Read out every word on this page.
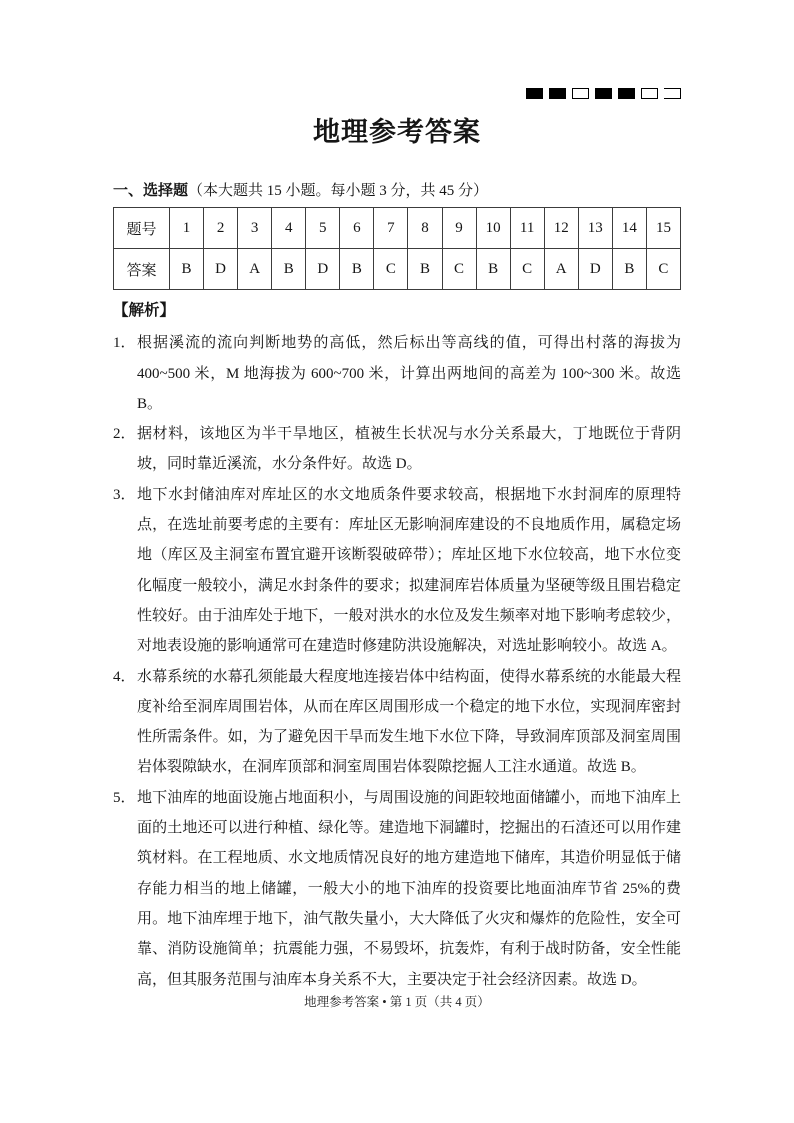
地理参考答案
一、选择题（本大题共 15 小题。每小题 3 分，共 45 分）
题号	1	2	3	4	5	6	7	8	9	10	11	12	13	14	15
答案	B	D	A	B	D	B	C	B	C	B	C	A	D	B	C
【解析】
1． 根据溪流的流向判断地势的高低，然后标出等高线的值，可得出村落的海拔为 400~500 米，M 地海拔为 600~700 米，计算出两地间的高差为 100~300 米。故选 B。
2． 据材料，该地区为半干旱地区，植被生长状况与水分关系最大，丁地既位于背阴坡，同时靠近溪流，水分条件好。故选 D。
3． 地下水封储油库对库址区的水文地质条件要求较高，根据地下水封洞库的原理特点，在选址前要考虑的主要有：库址区无影响洞库建设的不良地质作用，属稳定场地（库区及主洞室布置宜避开该断裂破碎带）；库址区地下水位较高，地下水位变化幅度一般较小，满足水封条件的要求；拟建洞库岩体质量为坚硬等级且围岩稳定性较好。由于油库处于地下，一般对洪水的水位及发生频率对地下影响考虑较少，对地表设施的影响通常可在建造时修建防洪设施解决，对选址影响较小。故选 A。
4． 水幕系统的水幕孔须能最大程度地连接岩体中结构面，使得水幕系统的水能最大程度补给至洞库周围岩体，从而在库区周围形成一个稳定的地下水位，实现洞库密封性所需条件。如，为了避免因干旱而发生地下水位下降，导致洞库顶部及洞室周围岩体裂隙缺水，在洞库顶部和洞室周围岩体裂隙挖掘人工注水通道。故选 B。
5． 地下油库的地面设施占地面积小，与周围设施的间距较地面储罐小，而地下油库上面的土地还可以进行种植、绿化等。建造地下洞罐时，挖掘出的石渣还可以用作建筑材料。在工程地质、水文地质情况良好的地方建造地下储库，其造价明显低于储存能力相当的地上储罐，一般大小的地下油库的投资要比地面油库节省 25%的费用。地下油库埋于地下，油气散失量小，大大降低了火灾和爆炸的危险性，安全可靠、消防设施简单；抗震能力强，不易毁坏，抗轰炸，有利于战时防备，安全性能高，但其服务范围与油库本身关系不大，主要决定于社会经济因素。故选 D。
地理参考答案 • 第 1 页（共 4 页）
